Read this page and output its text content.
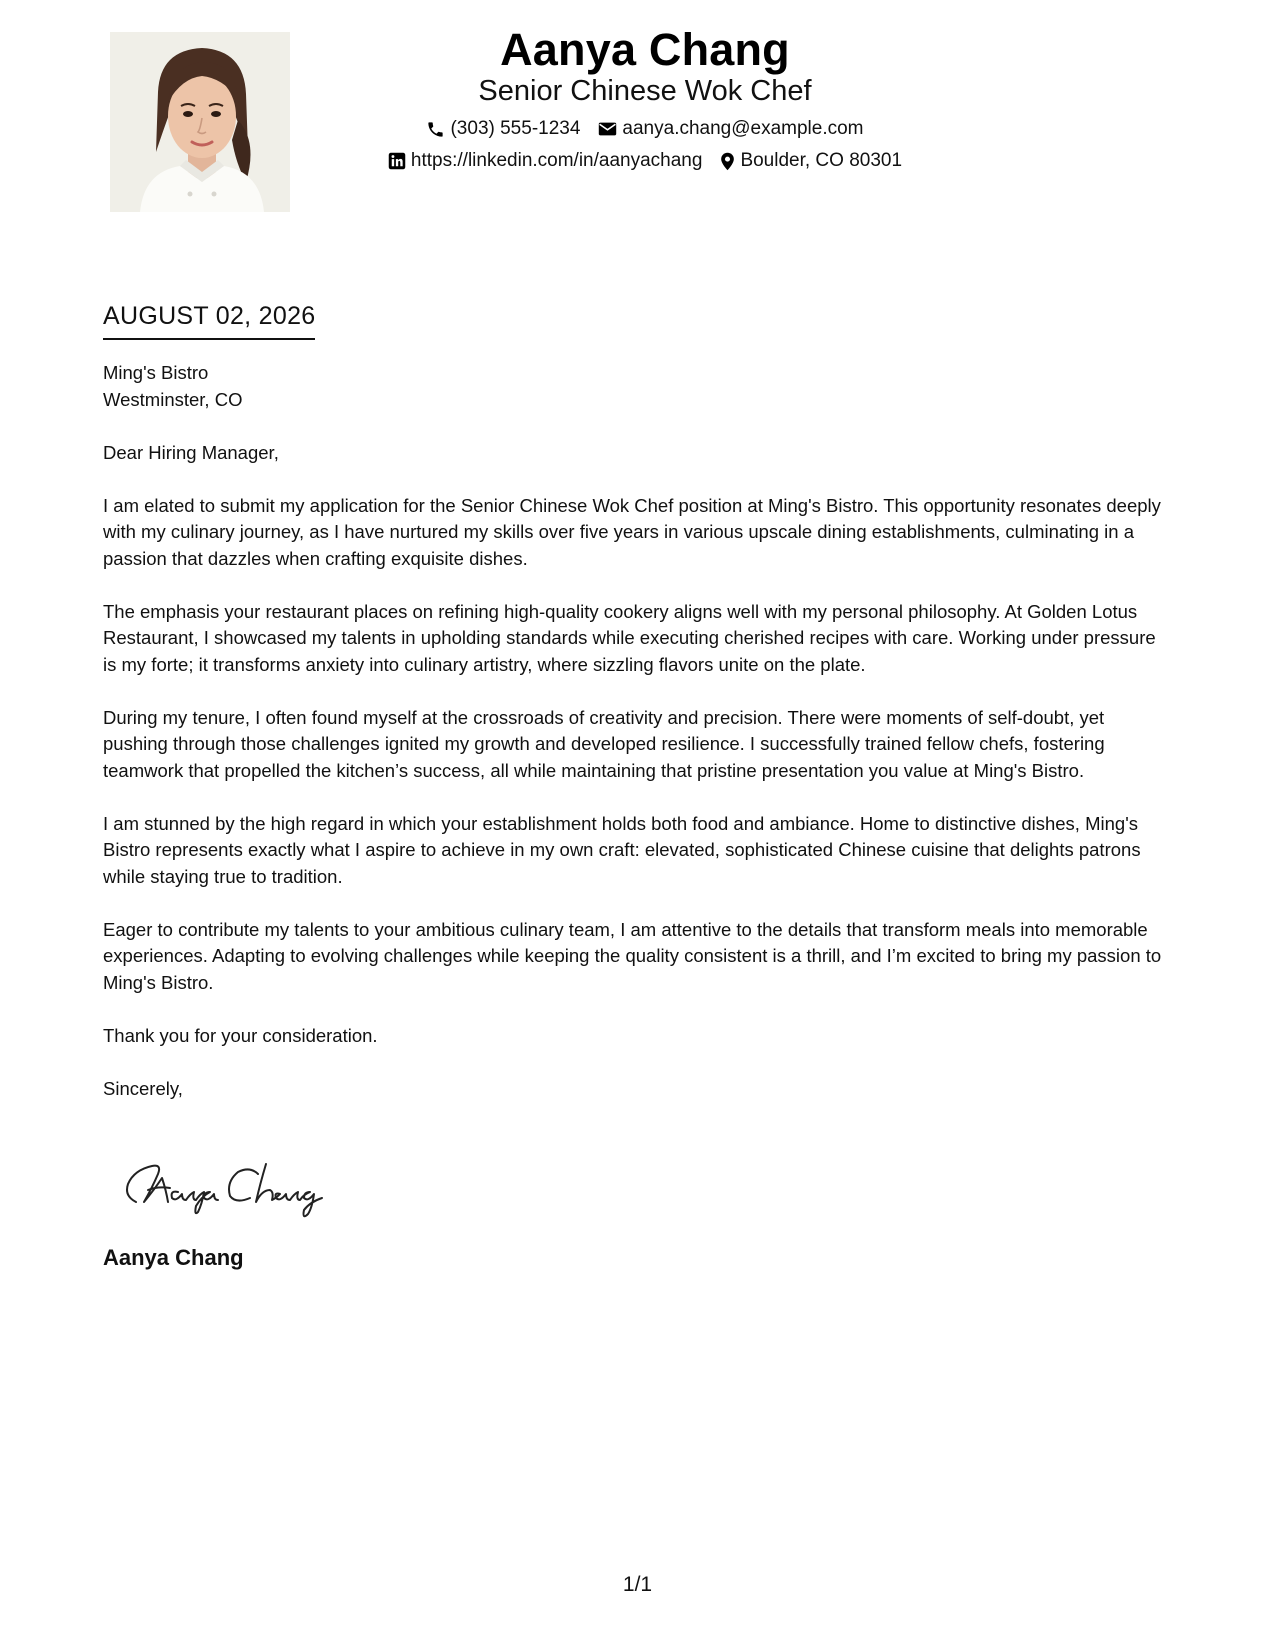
Aanya Chang
Senior Chinese Wok Chef
(303) 555-1234 aanya.chang@example.com
https://linkedin.com/in/aanyachang Boulder, CO 80301
AUGUST 02, 2026
Ming's Bistro
Westminster, CO

Dear Hiring Manager,

I am elated to submit my application for the Senior Chinese Wok Chef position at Ming's Bistro. This opportunity resonates deeply with my culinary journey, as I have nurtured my skills over five years in various upscale dining establishments, culminating in a passion that dazzles when crafting exquisite dishes.

The emphasis your restaurant places on refining high-quality cookery aligns well with my personal philosophy. At Golden Lotus Restaurant, I showcased my talents in upholding standards while executing cherished recipes with care. Working under pressure is my forte; it transforms anxiety into culinary artistry, where sizzling flavors unite on the plate.

During my tenure, I often found myself at the crossroads of creativity and precision. There were moments of self-doubt, yet pushing through those challenges ignited my growth and developed resilience. I successfully trained fellow chefs, fostering teamwork that propelled the kitchen’s success, all while maintaining that pristine presentation you value at Ming's Bistro.

I am stunned by the high regard in which your establishment holds both food and ambiance. Home to distinctive dishes, Ming's Bistro represents exactly what I aspire to achieve in my own craft: elevated, sophisticated Chinese cuisine that delights patrons while staying true to tradition.

Eager to contribute my talents to your ambitious culinary team, I am attentive to the details that transform meals into memorable experiences. Adapting to evolving challenges while keeping the quality consistent is a thrill, and I’m excited to bring my passion to Ming's Bistro.

Thank you for your consideration.

Sincerely,

Aanya Chang
1/1
